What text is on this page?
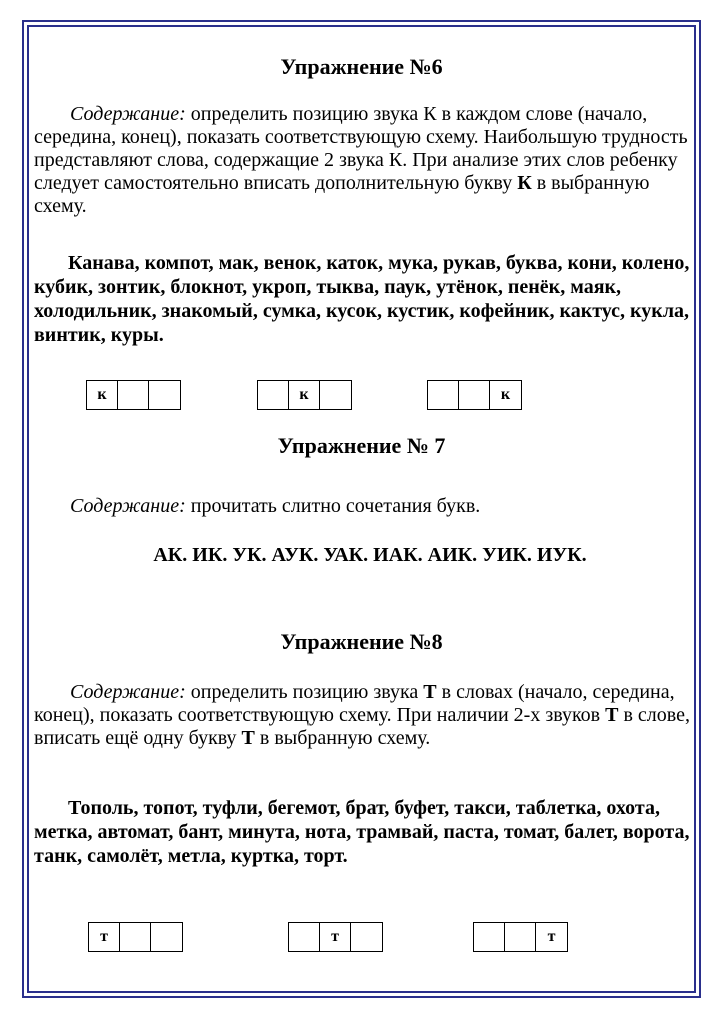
Упражнение №6

Содержание: определить позицию звука К в каждом слове (начало, середина, конец), показать соответствующую схему. Наибольшую трудность представляют слова, содержащие 2 звука К. При анализе этих слов ребенку следует самостоятельно вписать дополнительную букву К в выбранную схему.

Канава, компот, мак, венок, каток, мука, рукав, буква, кони, колено, кубик, зонтик, блокнот, укроп, тыква, паук, утёнок, пенёк, маяк, холодильник, знакомый, сумка, кусок, кустик, кофейник, кактус, кукла, винтик, куры.

к	к	к
Упражнение № 7

Содержание: прочитать слитно сочетания букв.

АК. ИК. УК. АУК. УАК. ИАК. АИК. УИК. ИУК.

Упражнение №8

Содержание: определить позицию звука Т в словах (начало, середина, конец), показать соответствующую схему. При наличии 2-х звуков Т в слове, вписать ещё одну букву Т в выбранную схему.

Тополь, топот, туфли, бегемот, брат, буфет, такси, таблетка, охота, метка, автомат, бант, минута, нота, трамвай, паста, томат, балет, ворота, танк, самолёт, метла, куртка, торт.

т	т	т
